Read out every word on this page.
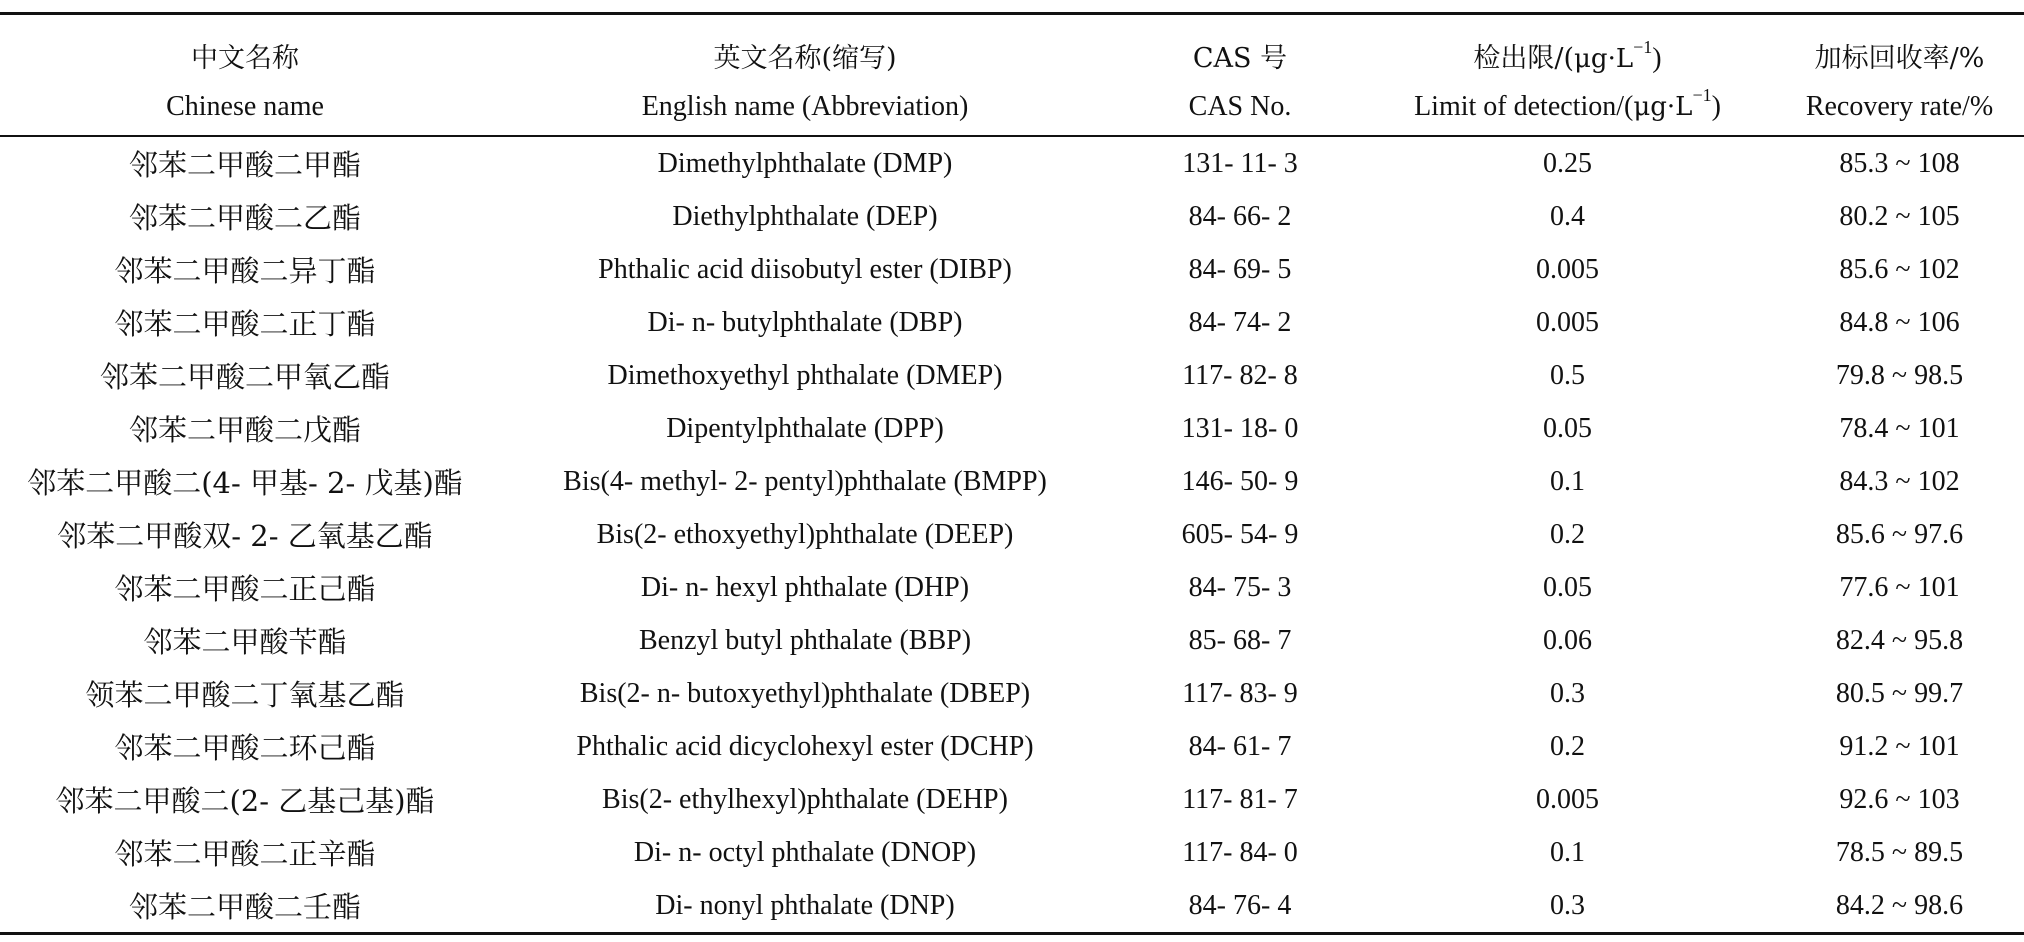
中文名称	英文名称(缩写)	CAS 号	检出限$/(\mu g\cdot L^{-1})$	加标回收率/%
Chinese name	English name (Abbreviation)	CAS No.	Limit of detection/$(\mu g\cdot L^{-1})$	Recovery rate/%
邻苯二甲酸二甲酯	Dimethylphthalate (DMP)	131- 11- 3	0.25	85.3 ~ 108
邻苯二甲酸二乙酯	Diethylphthalate (DEP)	84- 66- 2	0.4	80.2 ~ 105
邻苯二甲酸二异丁酯	Phthalic acid diisobutyl ester (DIBP)	84- 69- 5	0.005	85.6 ~ 102
邻苯二甲酸二正丁酯	Di- n- butylphthalate (DBP)	84- 74- 2	0.005	84.8 ~ 106
邻苯二甲酸二甲氧乙酯	Dimethoxyethyl phthalate (DMEP)	117- 82- 8	0.5	79.8 ~ 98.5
邻苯二甲酸二戊酯	Dipentylphthalate (DPP)	131- 18- 0	0.05	78.4 ~ 101
邻苯二甲酸二(4- 甲基- 2- 戊基)酯	Bis(4- methyl- 2- pentyl)phthalate (BMPP)	146- 50- 9	0.1	84.3 ~ 102
邻苯二甲酸双- 2- 乙氧基乙酯	Bis(2- ethoxyethyl)phthalate (DEEP)	605- 54- 9	0.2	85.6 ~ 97.6
邻苯二甲酸二正己酯	Di- n- hexyl phthalate (DHP)	84- 75- 3	0.05	77.6 ~ 101
邻苯二甲酸苄酯	Benzyl butyl phthalate (BBP)	85- 68- 7	0.06	82.4 ~ 95.8
领苯二甲酸二丁氧基乙酯	Bis(2- n- butoxyethyl)phthalate (DBEP)	117- 83- 9	0.3	80.5 ~ 99.7
邻苯二甲酸二环己酯	Phthalic acid dicyclohexyl ester (DCHP)	84- 61- 7	0.2	91.2 ~ 101
邻苯二甲酸二(2- 乙基己基)酯	Bis(2- ethylhexyl)phthalate (DEHP)	117- 81- 7	0.005	92.6 ~ 103
邻苯二甲酸二正辛酯	Di- n- octyl phthalate (DNOP)	117- 84- 0	0.1	78.5 ~ 89.5
邻苯二甲酸二壬酯	Di- nonyl phthalate (DNP)	84- 76- 4	0.3	84.2 ~ 98.6
